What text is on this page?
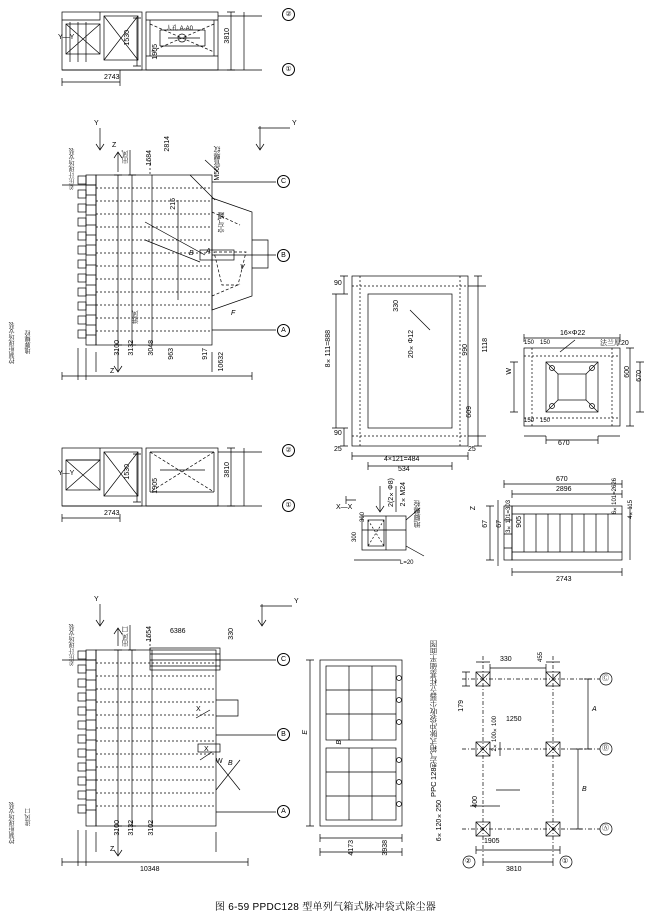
Y—Y	1530
1905
3810
2743
人孔 A-A0
②
①
Y	Y
Z
Z
差压计现场安装	出风
2814
1684	M56管螺纹
空气罐
215
进风
3100 3132 3048 963	917 10632
控制柜现场安装 地脚螺栓
B A
V
F
C
B
A
Y—Y	1530
1905
3810
2743
②
①
90
90
8×111=888
330
20×Φ12	990 1118
25	25
4×121=484
534
X—X
2(2×Φ8) 2×M24
地脚螺栓
300
300
L=20
609
16×Φ22
法兰厚20
W	600 670
670
150 150
150 150
670
2896
2743
67 67 905
Z	6×101=2626
3×101=303	4×115
Y	Y
Z
差压计现场安装	出风口 1654 6386	330
3100 3132 3102
10348
控制柜现场安装 进风口
W B
X
X
C
B
A
E
B
4173	3938
PPC 128型气箱式脉冲袋收尘器立柱基础平面图	330	455
179
1250
2×100×100
400
1905
3810
6×120×250
A
B
Ⓒ
Ⓑ
Ⓐ
②	①
图 6-59 PPDC128 型单列气箱式脉冲袋式除尘器
